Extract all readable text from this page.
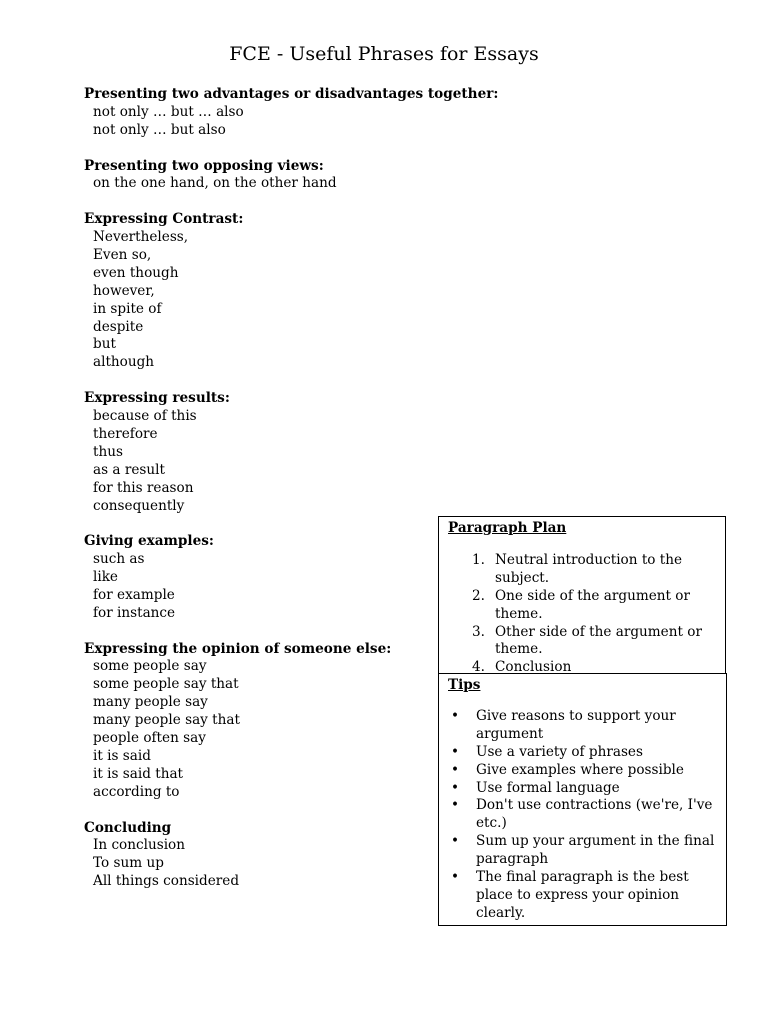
FCE - Useful Phrases for Essays
Presenting two advantages or disadvantages together:
not only … but … also
not only … but also
Presenting two opposing views:
on the one hand, on the other hand
Expressing Contrast:
Nevertheless,
Even so,
even though
however,
in spite of
despite
but
although
Expressing results:
because of this
therefore
thus
as a result
for this reason
consequently
Giving examples:
such as
like
for example
for instance
Expressing the opinion of someone else:
some people say
some people say that
many people say
many people say that
people often say
it is said
it is said that
according to
Concluding
In conclusion
To sum up
All things considered
Paragraph Plan
1. Neutral introduction to the subject.
2. One side of the argument or theme.
3. Other side of the argument or theme.
4. Conclusion
Tips
• Give reasons to support your argument
• Use a variety of phrases
• Give examples where possible
• Use formal language
• Don't use contractions (we're, I've etc.)
• Sum up your argument in the final paragraph
• The final paragraph is the best place to express your opinion clearly.
